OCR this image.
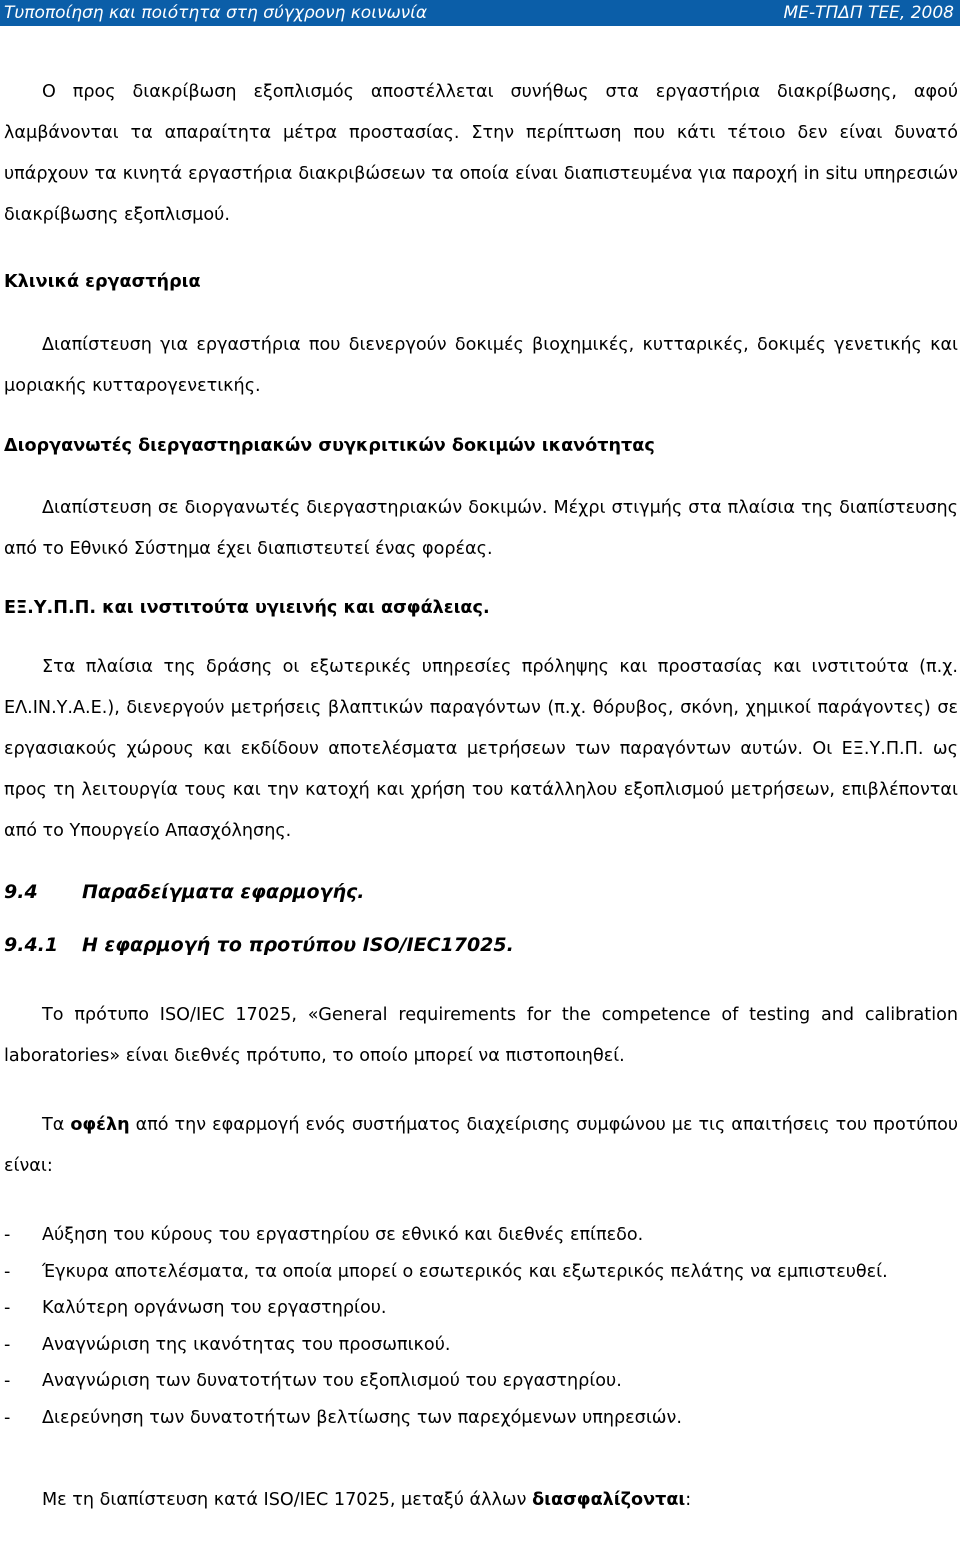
Τυποποίηση και ποιότητα στη σύγχρονη κοινωνία	ΜΕ-ΤΠΔΠ ΤΕΕ, 2008

Ο προς διακρίβωση εξοπλισμός αποστέλλεται συνήθως στα εργαστήρια διακρίβωσης, αφού λαμβάνονται τα απαραίτητα μέτρα προστασίας. Στην περίπτωση που κάτι τέτοιο δεν είναι δυνατό υπάρχουν τα κινητά εργαστήρια διακριβώσεων τα οποία είναι διαπιστευμένα για παροχή in situ υπηρεσιών διακρίβωσης εξοπλισμού.

Κλινικά εργαστήρια

Διαπίστευση για εργαστήρια που διενεργούν δοκιμές βιοχημικές, κυτταρικές, δοκιμές γενετικής και μοριακής κυτταρογενετικής.

Διοργανωτές διεργαστηριακών συγκριτικών δοκιμών ικανότητας

Διαπίστευση σε διοργανωτές διεργαστηριακών δοκιμών. Μέχρι στιγμής στα πλαίσια της διαπίστευσης από το Εθνικό Σύστημα έχει διαπιστευτεί ένας φορέας.

ΕΞ.Υ.Π.Π. και ινστιτούτα υγιεινής και ασφάλειας.

Στα πλαίσια της δράσης οι εξωτερικές υπηρεσίες πρόληψης και προστασίας και ινστιτούτα (π.χ. ΕΛ.ΙΝ.Υ.Α.Ε.), διενεργούν μετρήσεις βλαπτικών παραγόντων (π.χ. θόρυβος, σκόνη, χημικοί παράγοντες) σε εργασιακούς χώρους και εκδίδουν αποτελέσματα μετρήσεων των παραγόντων αυτών. Οι ΕΞ.Υ.Π.Π. ως προς τη λειτουργία τους και την κατοχή και χρήση του κατάλληλου εξοπλισμού μετρήσεων, επιβλέπονται από το Υπουργείο Απασχόλησης.

9.4 Παραδείγματα εφαρμογής.

9.4.1 Η εφαρμογή το προτύπου ISO/IEC17025.

Το πρότυπο ISO/IEC 17025, «General requirements for the competence of testing and calibration laboratories» είναι διεθνές πρότυπο, το οποίο μπορεί να πιστοποιηθεί.

Τα οφέλη από την εφαρμογή ενός συστήματος διαχείρισης συμφώνου με τις απαιτήσεις του προτύπου είναι:

- Αύξηση του κύρους του εργαστηρίου σε εθνικό και διεθνές επίπεδο.
- Έγκυρα αποτελέσματα, τα οποία μπορεί ο εσωτερικός και εξωτερικός πελάτης να εμπιστευθεί.
- Καλύτερη οργάνωση του εργαστηρίου.
- Αναγνώριση της ικανότητας του προσωπικού.
- Αναγνώριση των δυνατοτήτων του εξοπλισμού του εργαστηρίου.
- Διερεύνηση των δυνατοτήτων βελτίωσης των παρεχόμενων υπηρεσιών.

Με τη διαπίστευση κατά ISO/IEC 17025, μεταξύ άλλων διασφαλίζονται:
